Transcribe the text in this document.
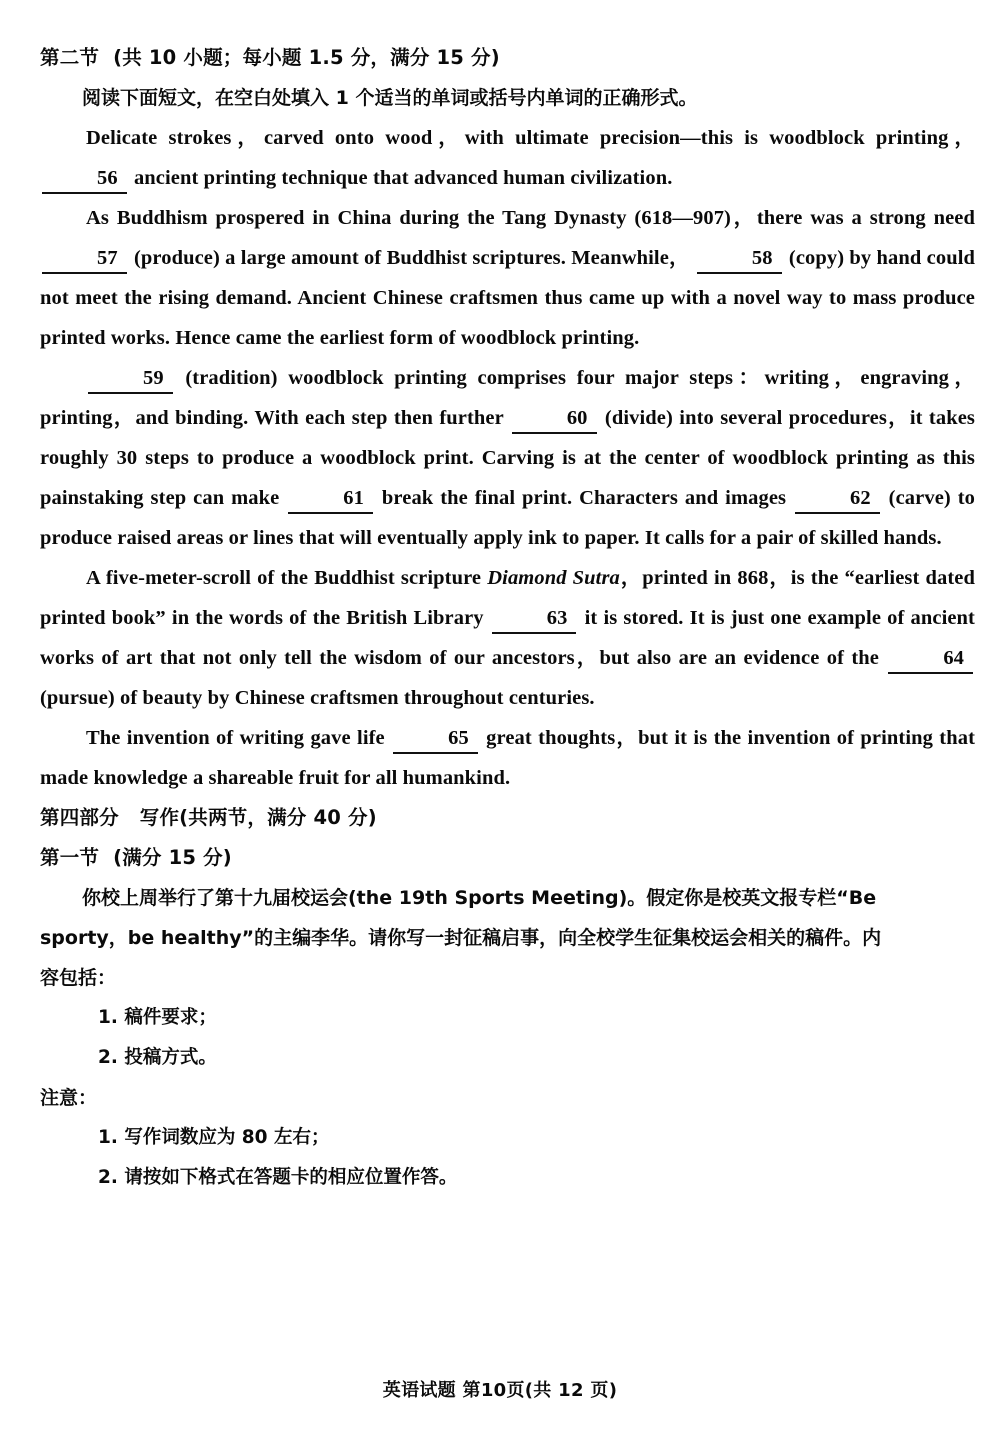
第二节  (共 10 小题；每小题 1.5 分，满分 15 分)
阅读下面短文，在空白处填入 1 个适当的单词或括号内单词的正确形式。

Delicate strokes，carved onto wood，with ultimate precision—this is woodblock printing， 56 ancient printing technique that advanced human civilization.

As Buddhism prospered in China during the Tang Dynasty (618—907)，there was a strong need 57 (produce) a large amount of Buddhist scriptures. Meanwhile，	58 (copy) by hand could not meet the rising demand. Ancient Chinese craftsmen thus came up with a novel way to mass produce printed works. Hence came the earliest form of woodblock printing.

59 (tradition) woodblock printing comprises four major steps：writing，engraving，printing，and binding. With each step then further	60 (divide) into several procedures，it takes roughly 30 steps to produce a woodblock print. Carving is at the center of woodblock printing as this painstaking step can make	61 break the final print. Characters and images	62 (carve) to produce raised areas or lines that will eventually apply ink to paper. It calls for a pair of skilled hands.

A five-meter-scroll of the Buddhist scripture Diamond Sutra，printed in 868，is the “earliest dated printed book” in the words of the British Library	63 it is stored. It is just one example of ancient works of art that not only tell the wisdom of our ancestors，but also are an evidence of the	64 (pursue) of beauty by Chinese craftsmen throughout centuries.

The invention of writing gave life	65 great thoughts，but it is the invention of printing that made knowledge a shareable fruit for all humankind.

第四部分   写作(共两节，满分 40 分)
第一节  (满分 15 分)
你校上周举行了第十九届校运会(the 19th Sports Meeting)。假定你是校英文报专栏“Be
sporty，be healthy”的主编李华。请你写一封征稿启事，向全校学生征集校运会相关的稿件。内
容包括：
1. 稿件要求；
2. 投稿方式。
注意：
1. 写作词数应为 80 左右；
2. 请按如下格式在答题卡的相应位置作答。
英语试题 第10页(共 12 页)
